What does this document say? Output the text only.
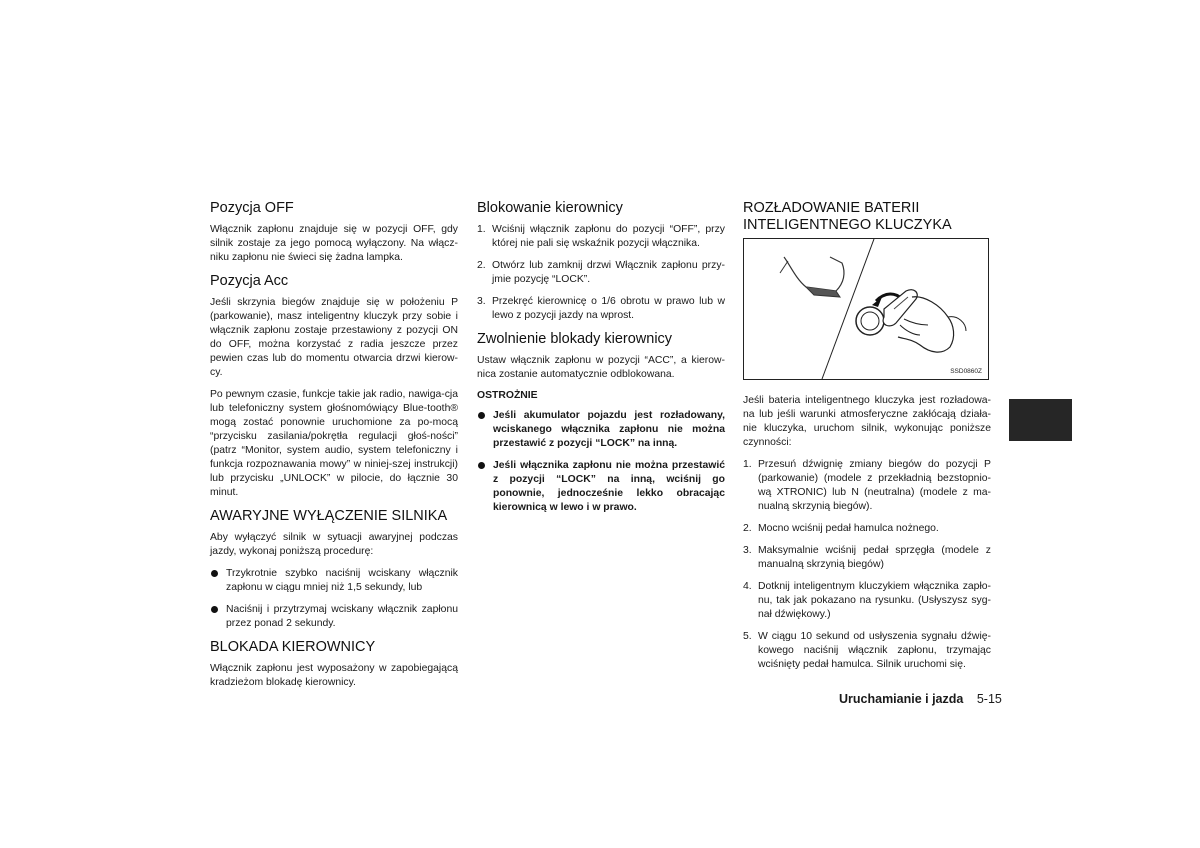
Pozycja OFF

Włącznik zapłonu znajduje się w pozycji OFF, gdy silnik zostaje za jego pomocą wyłączony. Na włącz-niku zapłonu nie świeci się żadna lampka.

Pozycja Acc

Jeśli skrzynia biegów znajduje się w położeniu P (parkowanie), masz inteligentny kluczyk przy sobie i włącznik zapłonu zostaje przestawiony z pozycji ON do OFF, można korzystać z radia jeszcze przez pewien czas lub do momentu otwarcia drzwi kierow-cy.

Po pewnym czasie, funkcje takie jak radio, nawiga-cja lub telefoniczny system głośnomówiący Blue-tooth® mogą zostać ponownie uruchomione za po-mocą “przycisku zasilania/pokrętła regulacji głoś-ności” (patrz “Monitor, system audio, system telefoniczny i funkcja rozpoznawania mowy” w niniej-szej instrukcji) lub przycisku „UNLOCK” w pilocie, do łącznie 30 minut.

AWARYJNE WYŁĄCZENIE SILNIKA

Aby wyłączyć silnik w sytuacji awaryjnej podczas jazdy, wykonaj poniższą procedurę:

Trzykrotnie szybko naciśnij wciskany włącznik zapłonu w ciągu mniej niż 1,5 sekundy, lub
Naciśnij i przytrzymaj wciskany włącznik zapłonu przez ponad 2 sekundy.
BLOKADA KIEROWNICY

Włącznik zapłonu jest wyposażony w zapobiegającą kradzieżom blokadę kierownicy.

Blokowanie kierownicy
1. Wciśnij włącznik zapłonu do pozycji “OFF”, przy której nie pali się wskaźnik pozycji włącznika.
2. Otwórz lub zamknij drzwi Włącznik zapłonu przy-jmie pozycję “LOCK”.
3. Przekręć kierownicę o 1/6 obrotu w prawo lub w lewo z pozycji jazdy na wprost.
Zwolnienie blokady kierownicy

Ustaw włącznik zapłonu w pozycji “ACC”, a kierow-nica zostanie automatycznie odblokowana.

OSTROŻNIE
Jeśli akumulator pojazdu jest rozładowany, wciskanego włącznika zapłonu nie można przestawić z pozycji “LOCK” na inną.
Jeśli włącznika zapłonu nie można przestawić z pozycji “LOCK” na inną, wciśnij go ponownie, jednocześnie lekko obracając kierownicą w lewo i w prawo.
ROZŁADOWANIE BATERII
INTELIGENTNEGO KLUCZYKA
SSD0860Z

Jeśli bateria inteligentnego kluczyka jest rozładowa-na lub jeśli warunki atmosferyczne zakłócają działa-nie kluczyka, uruchom silnik, wykonując poniższe czynności:

1. Przesuń dźwignię zmiany biegów do pozycji P (parkowanie) (modele z przekładnią bezstopnio-wą XTRONIC) lub N (neutralna) (modele z ma-nualną skrzynią biegów).
2. Mocno wciśnij pedał hamulca nożnego.
3. Maksymalnie wciśnij pedał sprzęgła (modele z manualną skrzynią biegów)
4. Dotknij inteligentnym kluczykiem włącznika zapło-nu, tak jak pokazano na rysunku. (Usłyszysz syg-nał dźwiękowy.)
5. W ciągu 10 sekund od usłyszenia sygnału dźwię-kowego naciśnij włącznik zapłonu, trzymając wciśnięty pedał hamulca. Silnik uruchomi się.
Uruchamianie i jazda 5-15
